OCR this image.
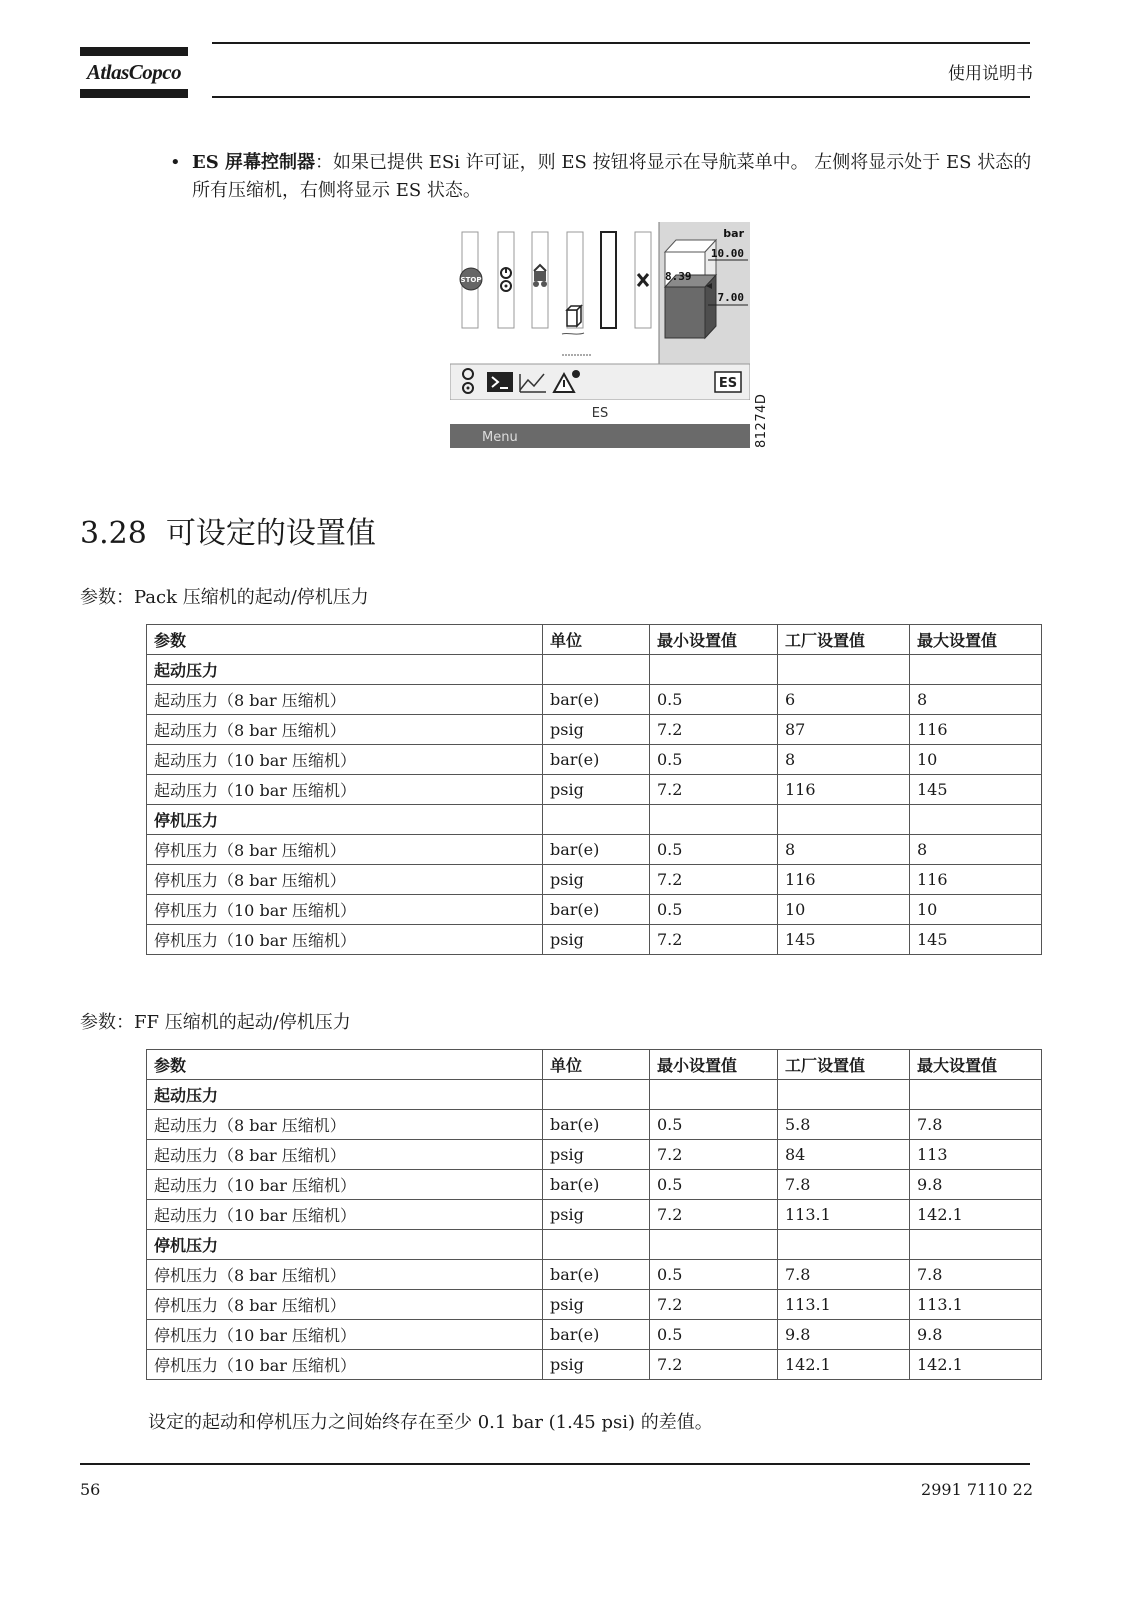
AtlasCopco	使用说明书
• ES 屏幕控制器：如果已提供 ESi 许可证，则 ES 按钮将显示在导航菜单中。 左侧将显示处于 ES 状态的所有压缩机，右侧将显示 ES 状态。
STOP	8.39
bar
10.00
7.00
ES
ES
Menu	81274D
3.28 可设定的设置值
参数：Pack 压缩机的起动/停机压力
参数	单位	最小设置值	工厂设置值	最大设置值
起动压力				
起动压力（8 bar 压缩机）	bar(e)	0.5	6	8
起动压力（8 bar 压缩机）	psig	7.2	87	116
起动压力（10 bar 压缩机）	bar(e)	0.5	8	10
起动压力（10 bar 压缩机）	psig	7.2	116	145
停机压力				
停机压力（8 bar 压缩机）	bar(e)	0.5	8	8
停机压力（8 bar 压缩机）	psig	7.2	116	116
停机压力（10 bar 压缩机）	bar(e)	0.5	10	10
停机压力（10 bar 压缩机）	psig	7.2	145	145
参数：FF 压缩机的起动/停机压力
参数	单位	最小设置值	工厂设置值	最大设置值
起动压力				
起动压力（8 bar 压缩机）	bar(e)	0.5	5.8	7.8
起动压力（8 bar 压缩机）	psig	7.2	84	113
起动压力（10 bar 压缩机）	bar(e)	0.5	7.8	9.8
起动压力（10 bar 压缩机）	psig	7.2	113.1	142.1
停机压力				
停机压力（8 bar 压缩机）	bar(e)	0.5	7.8	7.8
停机压力（8 bar 压缩机）	psig	7.2	113.1	113.1
停机压力（10 bar 压缩机）	bar(e)	0.5	9.8	9.8
停机压力（10 bar 压缩机）	psig	7.2	142.1	142.1
设定的起动和停机压力之间始终存在至少 0.1 bar (1.45 psi) 的差值。
56	2991 7110 22
